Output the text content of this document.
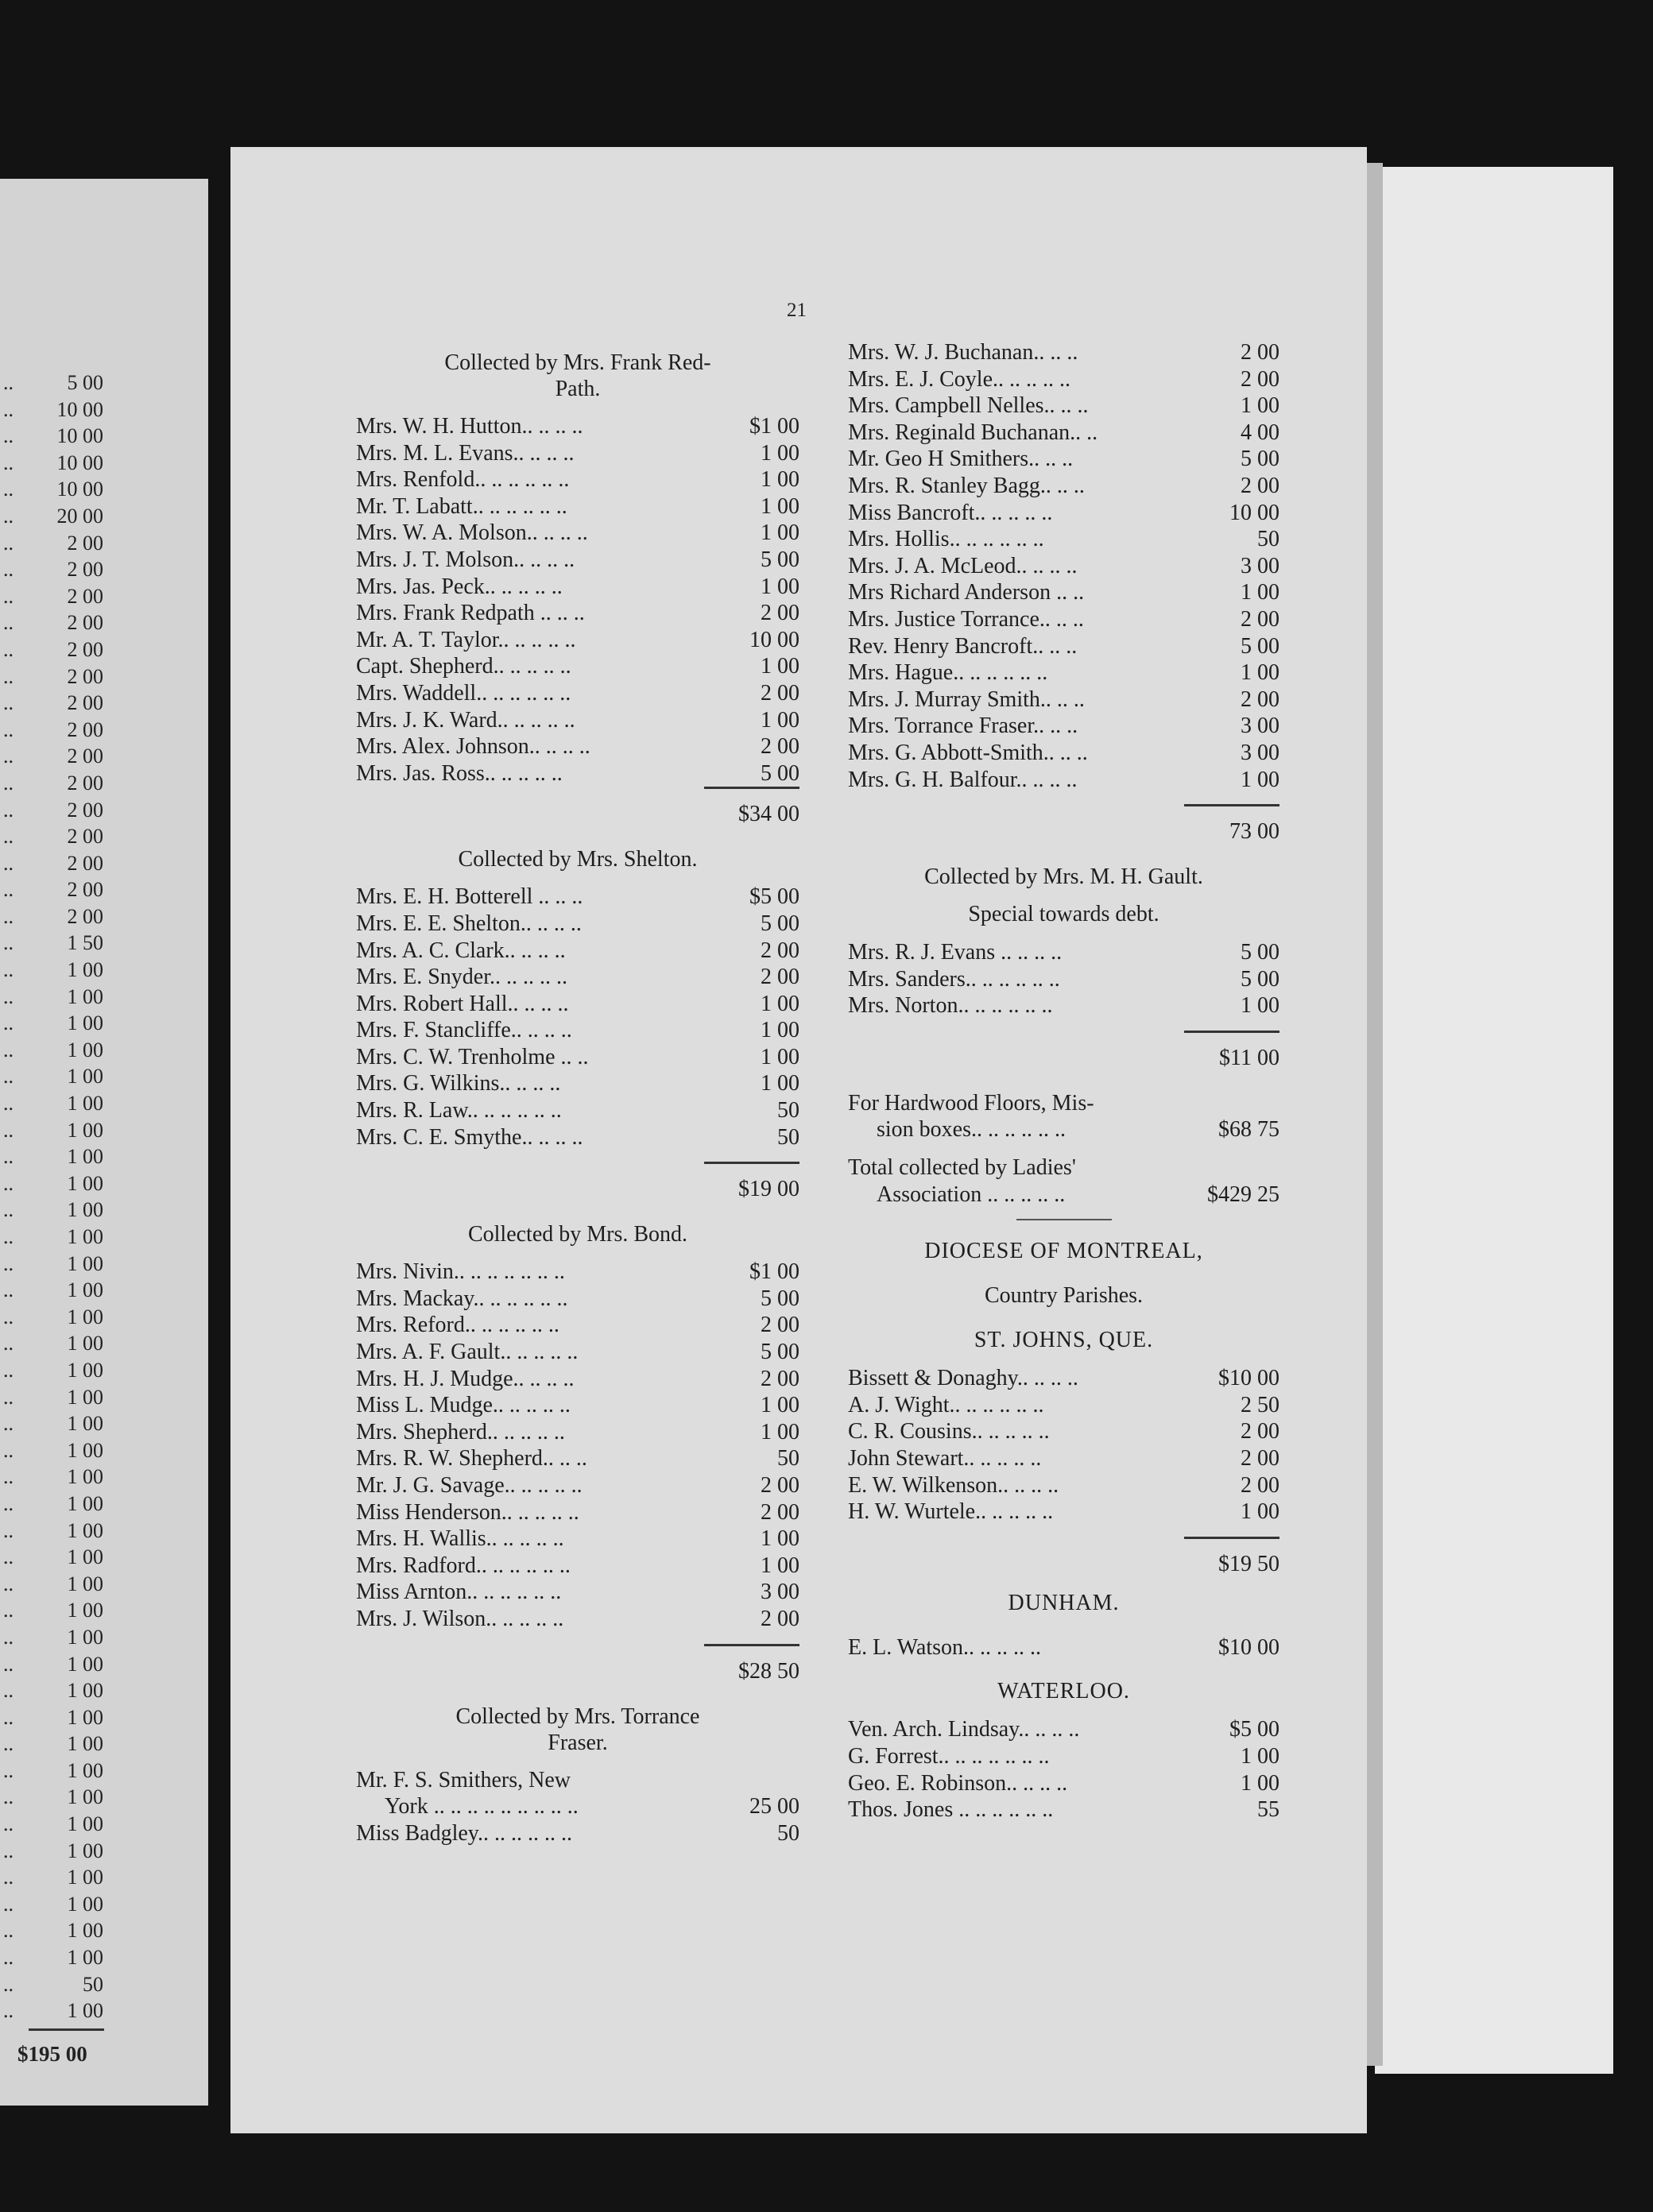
..	5 00
.. 10 00
.. 10 00
.. 10 00
.. 10 00
.. 20 00
..	2 00
..	2 00
..	2 00
..	2 00
..	2 00
..	2 00
..	2 00
..	2 00
..	2 00
..	2 00
..	2 00
..	2 00
..	2 00
..	2 00
..	2 00
..	1 50
..	1 00
..	1 00
..	1 00
..	1 00
..	1 00
..	1 00
..	1 00
..	1 00
..	1 00
..	1 00
..	1 00
..	1 00
..	1 00
..	1 00
..	1 00
..	1 00
..	1 00
..	1 00
..	1 00
..	1 00
..	1 00
..	1 00
..	1 00
..	1 00
..	1 00
..	1 00
..	1 00
..	1 00
..	1 00
..	1 00
..	1 00
..	1 00
..	1 00
..	1 00
..	1 00
..	1 00
..	1 00
..	1 00
..	50
..	1 00
$195 00
21
Collected by Mrs. Frank Red-
Path.
Mrs. W. H. Hutton.. .. .. ..	$1 00
Mrs. M. L. Evans.. .. .. ..	1 00
Mrs. Renfold.. .. .. .. .. ..	1 00
Mr. T. Labatt.. .. .. .. .. ..	1 00
Mrs. W. A. Molson.. .. .. ..	1 00
Mrs. J. T. Molson.. .. .. ..	5 00
Mrs. Jas. Peck.. .. .. .. ..	1 00
Mrs. Frank Redpath .. .. ..	2 00
Mr. A. T. Taylor.. .. .. .. ..	10 00
Capt. Shepherd.. .. .. .. ..	1 00
Mrs. Waddell.. .. .. .. .. ..	2 00
Mrs. J. K. Ward.. .. .. .. ..	1 00
Mrs. Alex. Johnson.. .. .. ..	2 00
Mrs. Jas. Ross.. .. .. .. ..	5 00
$34 00
Collected by Mrs. Shelton.
Mrs. E. H. Botterell .. .. ..	$5 00
Mrs. E. E. Shelton.. .. .. ..	5 00
Mrs. A. C. Clark.. .. .. ..	2 00
Mrs. E. Snyder.. .. .. .. ..	2 00
Mrs. Robert Hall.. .. .. ..	1 00
Mrs. F. Stancliffe.. .. .. ..	1 00
Mrs. C. W. Trenholme .. ..	1 00
Mrs. G. Wilkins.. .. .. ..	1 00
Mrs. R. Law.. .. .. .. .. ..	50
Mrs. C. E. Smythe.. .. .. ..	50
$19 00
Collected by Mrs. Bond.
Mrs. Nivin.. .. .. .. .. .. ..	$1 00
Mrs. Mackay.. .. .. .. .. ..	5 00
Mrs. Reford.. .. .. .. .. ..	2 00
Mrs. A. F. Gault.. .. .. .. ..	5 00
Mrs. H. J. Mudge.. .. .. ..	2 00
Miss L. Mudge.. .. .. .. ..	1 00
Mrs. Shepherd.. .. .. .. ..	1 00
Mrs. R. W. Shepherd.. .. ..	50
Mr. J. G. Savage.. .. .. .. ..	2 00
Miss Henderson.. .. .. .. ..	2 00
Mrs. H. Wallis.. .. .. .. ..	1 00
Mrs. Radford.. .. .. .. .. ..	1 00
Miss Arnton.. .. .. .. .. ..	3 00
Mrs. J. Wilson.. .. .. .. ..	2 00
$28 50
Collected by Mrs. Torrance
Fraser.
Mr. F. S. Smithers, New
York .. .. .. .. .. .. .. .. ..	25 00
Miss Badgley.. .. .. .. .. ..	50
Mrs. W. J. Buchanan.. .. ..	2 00
Mrs. E. J. Coyle.. .. .. .. ..	2 00
Mrs. Campbell Nelles.. .. ..	1 00
Mrs. Reginald Buchanan.. ..	4 00
Mr. Geo H Smithers.. .. ..	5 00
Mrs. R. Stanley Bagg.. .. ..	2 00
Miss Bancroft.. .. .. .. ..	10 00
Mrs. Hollis.. .. .. .. .. ..	50
Mrs. J. A. McLeod.. .. .. ..	3 00
Mrs Richard Anderson .. ..	1 00
Mrs. Justice Torrance.. .. ..	2 00
Rev. Henry Bancroft.. .. ..	5 00
Mrs. Hague.. .. .. .. .. ..	1 00
Mrs. J. Murray Smith.. .. ..	2 00
Mrs. Torrance Fraser.. .. ..	3 00
Mrs. G. Abbott-Smith.. .. ..	3 00
Mrs. G. H. Balfour.. .. .. ..	1 00
73 00
Collected by Mrs. M. H. Gault.
Special towards debt.
Mrs. R. J. Evans .. .. .. ..	5 00
Mrs. Sanders.. .. .. .. .. ..	5 00
Mrs. Norton.. .. .. .. .. ..	1 00
$11 00
For Hardwood Floors, Mis-
sion boxes.. .. .. .. .. ..	$68 75
Total collected by Ladies'
Association .. .. .. .. ..	$429 25
DIOCESE OF MONTREAL,
Country Parishes.
ST. JOHNS, QUE.
Bissett & Donaghy.. .. .. ..	$10 00
A. J. Wight.. .. .. .. .. ..	2 50
C. R. Cousins.. .. .. .. ..	2 00
John Stewart.. .. .. .. ..	2 00
E. W. Wilkenson.. .. .. ..	2 00
H. W. Wurtele.. .. .. .. ..	1 00
$19 50
DUNHAM.
E. L. Watson.. .. .. .. ..	$10 00
WATERLOO.
Ven. Arch. Lindsay.. .. .. ..	$5 00
G. Forrest.. .. .. .. .. .. ..	1 00
Geo. E. Robinson.. .. .. ..	1 00
Thos. Jones .. .. .. .. .. ..	55
